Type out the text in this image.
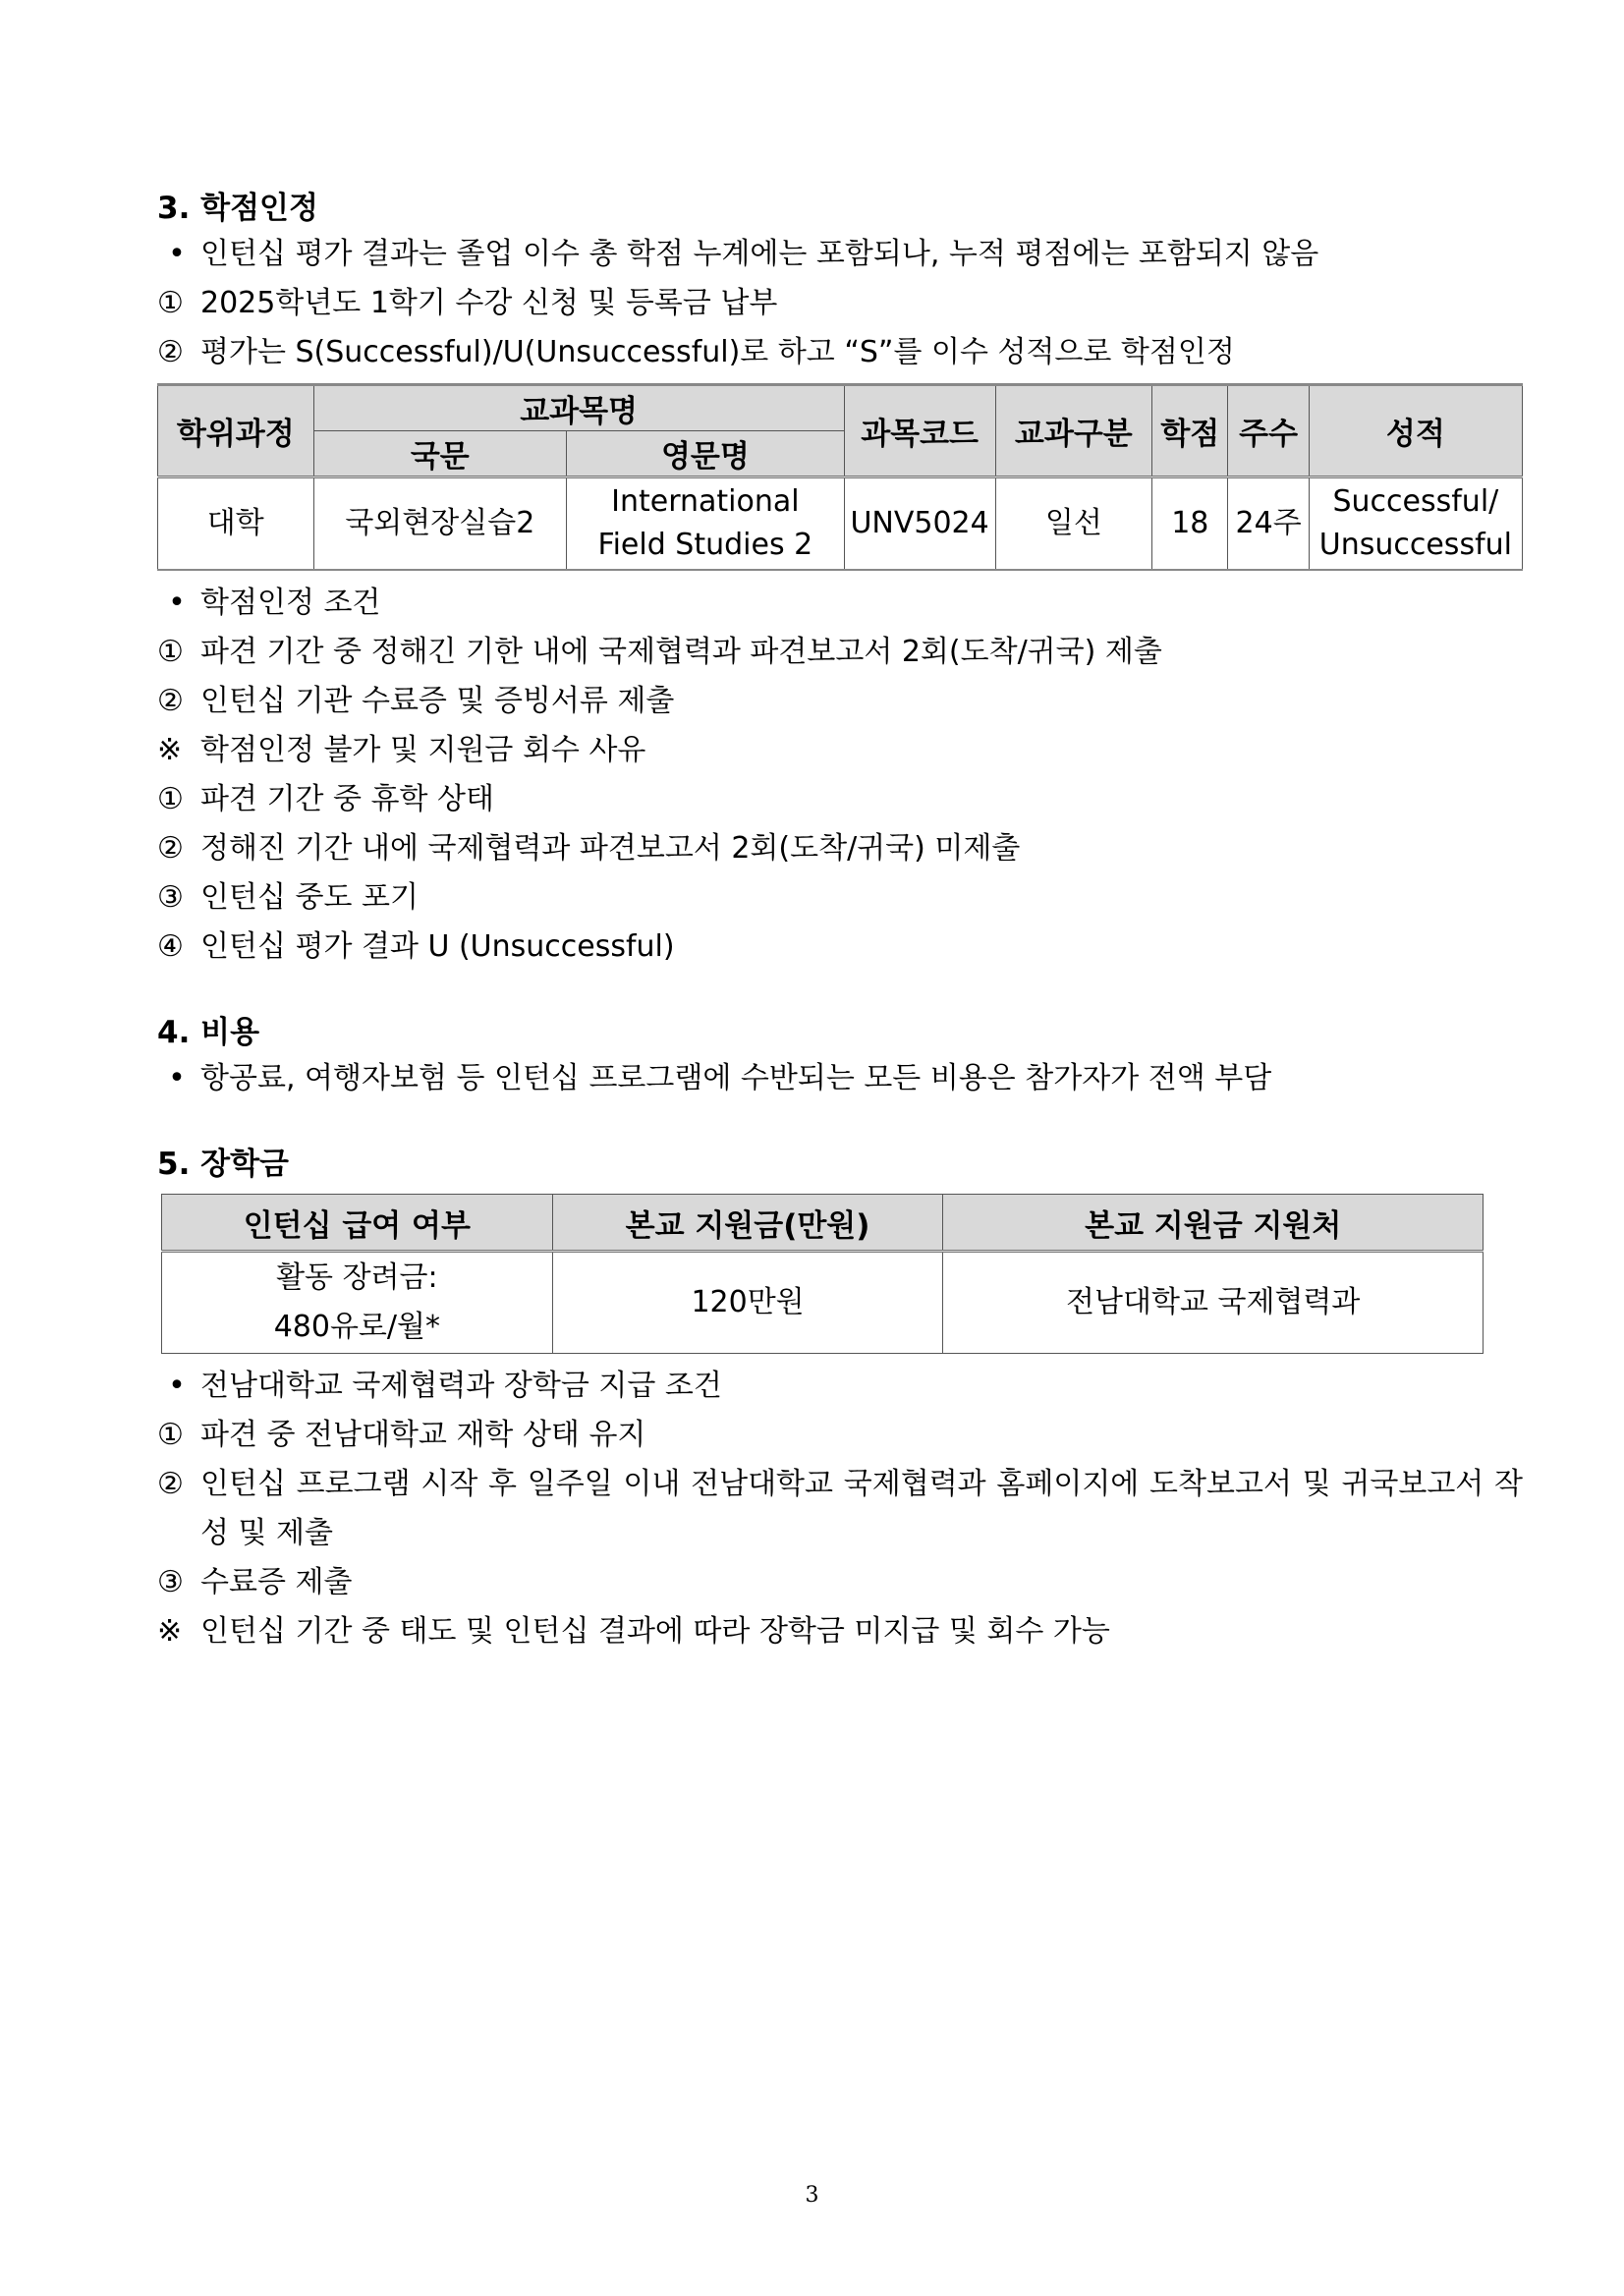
3. 학점인정
• 인턴십 평가 결과는 졸업 이수 총 학점 누계에는 포함되나, 누적 평점에는 포함되지 않음
① 2025학년도 1학기 수강 신청 및 등록금 납부
② 평가는 S(Successful)/U(Unsuccessful)로 하고 “S”를 이수 성적으로 학점인정
학위과정	교과목명		과목코드	교과구분	학점	주수	성적
	국문	영문명					
대학	국외현장실습2	International Field Studies 2	UNV5024	일선	18	24주	Successful/ Unsuccessful
• 학점인정 조건
① 파견 기간 중 정해긴 기한 내에 국제협력과 파견보고서 2회(도착/귀국) 제출
② 인턴십 기관 수료증 및 증빙서류 제출
※ 학점인정 불가 및 지원금 회수 사유
① 파견 기간 중 휴학 상태
② 정해진 기간 내에 국제협력과 파견보고서 2회(도착/귀국) 미제출
③ 인턴십 중도 포기
④ 인턴십 평가 결과 U (Unsuccessful)
4. 비용
• 항공료, 여행자보험 등 인턴십 프로그램에 수반되는 모든 비용은 참가자가 전액 부담
5. 장학금
인턴십 급여 여부	본교 지원금(만원)	본교 지원금 지원처

활동 장려금:
480유로/월*	120만원	전남대학교 국제협력과
• 전남대학교 국제협력과 장학금 지급 조건
① 파견 중 전남대학교 재학 상태 유지
② 인턴십 프로그램 시작 후 일주일 이내 전남대학교 국제협력과 홈페이지에 도착보고서 및 귀국보고서 작성 및 제출
③ 수료증 제출
※ 인턴십 기간 중 태도 및 인턴십 결과에 따라 장학금 미지급 및 회수 가능
3
